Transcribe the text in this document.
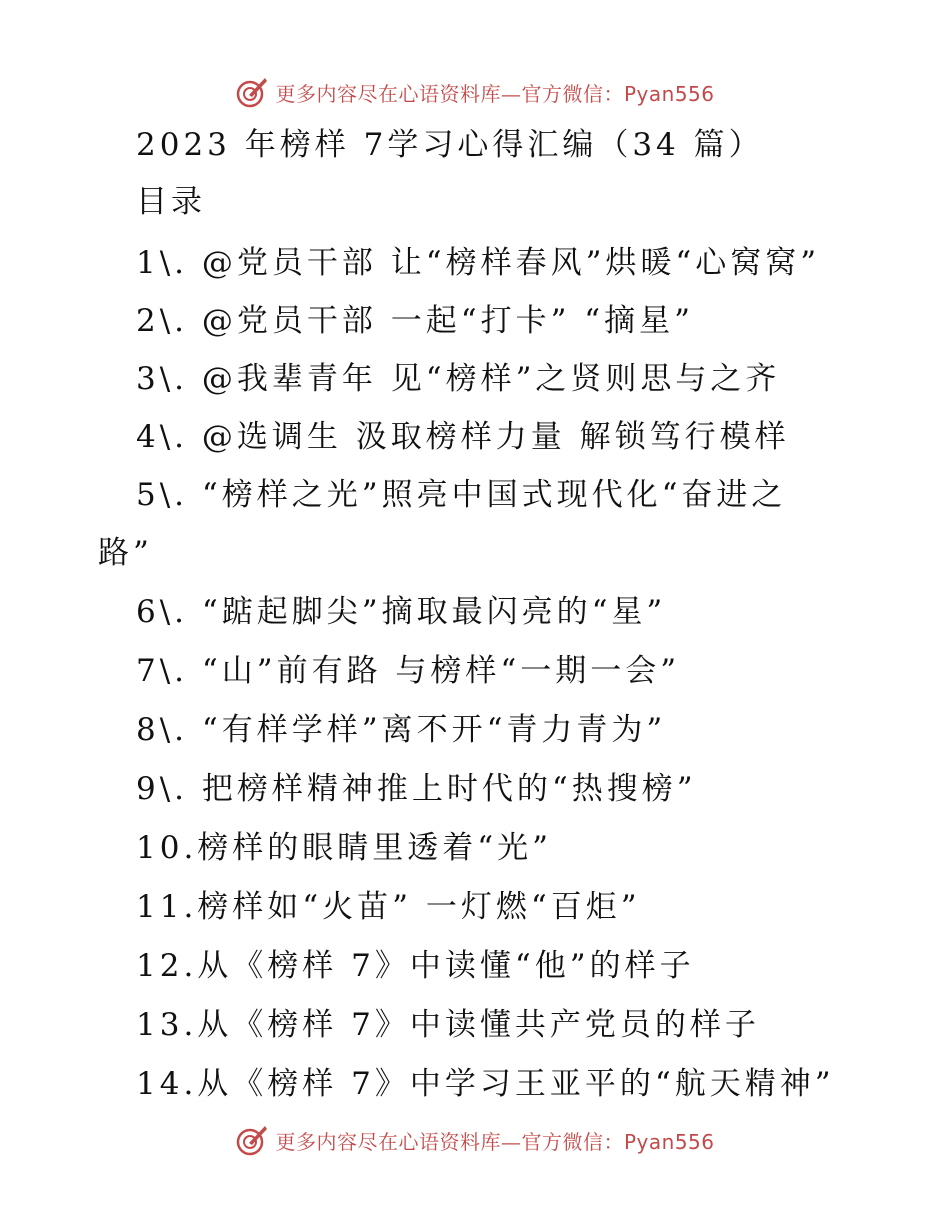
更多内容尽在心语资料库—官方微信：Pyan556
2023 年榜样 7学习心得汇编（34 篇）
目录
1\. @党员干部 让“榜样春风”烘暖“心窝窝”
2\. @党员干部 一起“打卡” “摘星”
3\. @我辈青年 见“榜样”之贤则思与之齐
4\. @选调生 汲取榜样力量 解锁笃行模样
5\. “榜样之光”照亮中国式现代化“奋进之
路”
6\. “踮起脚尖”摘取最闪亮的“星”
7\. “山”前有路 与榜样“一期一会”
8\. “有样学样”离不开“青力青为”
9\. 把榜样精神推上时代的“热搜榜”
10.榜样的眼睛里透着“光”
11.榜样如“火苗” 一灯燃“百炬”
12.从《榜样 7》中读懂“他”的样子
13.从《榜样 7》中读懂共产党员的样子
14.从《榜样 7》中学习王亚平的“航天精神”
更多内容尽在心语资料库—官方微信：Pyan556
